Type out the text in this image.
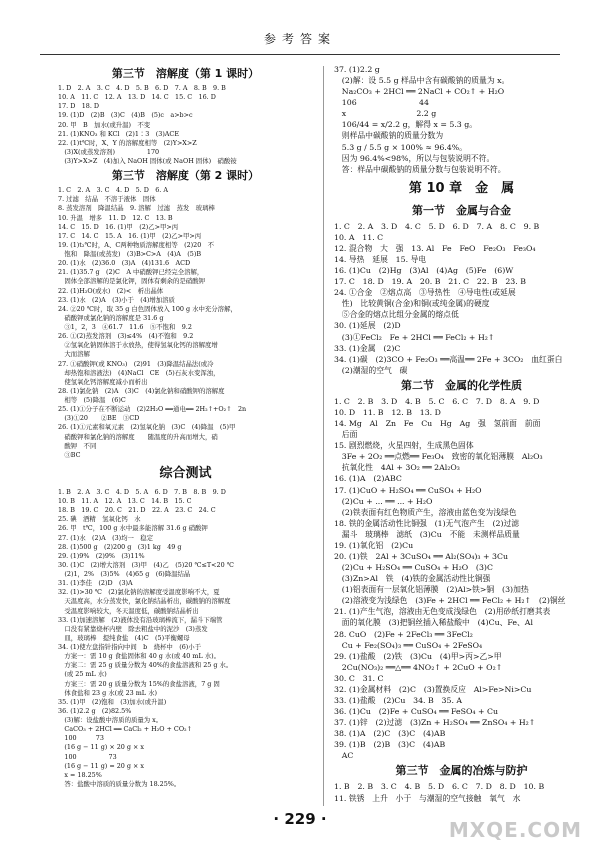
参考答案
第三节　溶解度（第 1 课时）
1. D　2. A　3. C　4. D　5. B　6. D　7. A　8. B　9. B
10. A　11. C　12. A　13. D　14. C　15. C　16. D
17. D　18. D
19. (1)D　(2)B　(3)C　(4)B　(5)c　a>b>c
20. 甲　B　加水(或升温)　不变
21. (1)KNO₃ 和 KCl　(2)1∶3　(3)ACE
22. (1)t℃时，X、Y 的溶解度相等　(2)Y>X>Z
　(3)X(或蒸发溶剂)　　　　　170
　(3)Y>X>Z　(4)加入 NaOH 固体(或 NaOH 固体)　硝酸铵
第三节　溶解度（第 2 课时）
1. C　2. A　3. C　4. D　5. D　6. A
7. 过滤　结晶　不溶于液体　固体
8. 蒸发溶剂　降温结晶　9. 溶解　过滤　蒸发　玻璃棒
10. 升温　增多　11. D　12. C　13. B
14. C　15. D　16. (1)甲　(2)乙>甲>丙
17. C　14. C　15. A　16. (1)甲　(2)乙>甲>丙
19. (1)t₂℃时，A、C两种物质溶解度相等　(2)20　不
　饱和　降温(或蒸发)　(3)B>C>A　(4)A　(5)B
20. (1)水　(2)36.0　(3)A　(4)131.6　ACD
21. (1)35.7 g　(2)C　A 中硝酸钾已经完全溶解，
　固体全部溶解的是氯化钾，固体有剩余的是硝酸钾
22. (1)H₂O(或水)　(2)<　析出晶体
23. (1)水　(2)A　(3)小于　(4)增加溶质
24. ②20 ℃时，取 35 g 白色固体放入 100 g 水中充分溶解，
　硝酸钾或氯化钠的溶解度是 31.6 g　　　　　　
　③1，2，3　④61.7　11.6　⑤不饱和　9.2
26. ①(2)蒸发溶剂　(3)≤4%　(4)不饱和　9.2
　②氢氧化钠固体溶于水放热，使得氢氧化钙的溶解度增
　大而溶解
27. ①硝酸钾(或 KNO₃)　(2)91　(3)降温结晶法(或冷
　却热饱和溶液法)　(4)NaCl　CE　(5)石灰水变浑浊，
　使氢氧化钙溶解度减小而析出
28. (1)氯化钠　(2)A　(3)C　(4)氯化钠和硝酸钾的溶解度
　相等　(5)降温　(6)C
25. (1)①分子在不断运动　(2)2H₂O ══通电══ 2H₂↑+O₂↑　2n
　(3)①20　　②BE　③CD
26. (1)①元素和氧元素　(2)氢氧化钠　(3)C　(4)降温　(5)甲
　硝酸钾和氯化钠的溶解度　　随温度的升高而增大，硝
　酸钾　不同
　③BC
综合测试
1. B　2. A　3. C　4. D　5. A　6. D　7. B　8. B　9. D
10. B　11. A　12. A　13. C　14. B　15. C
18. B　19. C　20. C　21. D　22. A　23. C　24. C
25. 碘　酒精　氢氧化钙　水
26. 甲　t℃，100 g 水中最多能溶解 31.6 g 硝酸钾
27. (1)水　(2)A　(3)均一　稳定
28. (1)500 g　(2)200 g　(3)1 kg　49 g
29. (1)9%　(2)9%　(3)11%
30. (1)C　(2)增大溶剂　(3)甲　(4)乙　(5)20 ℃≤T<20 ℃
　(2)1，2%　(3)5%　(4)65 g　(6)降温结晶
31. (1)李佳　(2)D　(3)A
32. (1)>30 ℃　(2)氯化钠的溶解度受温度影响不大，夏
　天温度高，水分蒸发快，氯化钠结晶析出，碳酸钠的溶解度
　受温度影响较大，冬天温度低，碳酸钠结晶析出
33. (1)加速溶解　(2)液体没有沿玻璃棒流下，漏斗下端管
　口没有紧靠烧杯内壁　除去粗盐中的泥沙　(3)蒸发
　皿，玻璃棒　提纯食盐　(4)C　(5)平衡螺母
34. (1)使左盘指针指向中间　b　烧杯中　(6)小于
　方案一：需 10 g 食盐固体和 40 g 水(或 40 mL 水)。
　方案二：需 25 g 质量分数为 40%的食盐溶液和 25 g 水。
　(或 25 mL 水)
　方案三：需 20 g 质量分数为 15%的食盐溶液，7 g 固
　体食盐和 23 g 水(或 23 mL 水)
35. (1)甲　(2)饱和　(3)加水(或升温)
36. (1)2.2 g　(2)82.5%
　(3)解：设盐酸中溶质的质量为 x。
　CaCO₃ + 2HCl ══ CaCl₂ + H₂O + CO₂↑
　100　　　73
　(16 g − 11 g) × 20 g × x
　100　　　　　73
　(16 g − 11 g) = 20 g × x
　x = 18.25%
　答：盐酸中溶质的质量分数为 18.25%。
37. (1)2.2 g
　(2)解：设 5.5 g 样品中含有碳酸钠的质量为 x。
　Na₂CO₃ + 2HCl ══ 2NaCl + CO₂↑ + H₂O
　106　　　　　　　　44
　x　　　　　　　　　2.2 g
　106/44 = x/2.2 g，解得 x = 5.3 g。
　则样品中碳酸钠的质量分数为
　5.3 g / 5.5 g × 100% ≈ 96.4%。
　因为 96.4%<98%，所以与包装说明不符。
　答：样品中碳酸钠的质量分数与包装说明不符。
第 10 章　金　属
第一节　金属与合金
1. C　2. A　3. D　4. C　5. D　6. D　7. A　8. C　9. B
10. A　11. C
12. 混合物　大　强　13. Al　Fe　FeO　Fe₂O₃　Fe₃O₄
14. 导热　延展　15. 导电
16. (1)Cu　(2)Hg　(3)Al　(4)Ag　(5)Fe　(6)W
17. C　18. D　19. A　20. B　21. C　22. B　23. B
24. ①合金　②熔点高　③导热性　④导电性(或延展
　性)　比较黄铜(合金)和铜(或纯金属)的硬度
　⑤合金的熔点比组分金属的熔点低
30. (1)延展　(2)D
　(3)①FeCl₂　Fe + 2HCl ══ FeCl₂ + H₂↑
33. (1)金属　(2)C
34. (1)碳　(2)3CO + Fe₂O₃ ══高温══ 2Fe + 3CO₂　血红蛋白
　(2)潮湿的空气　碳
第二节　金属的化学性质
1. C　2. B　3. D　4. B　5. C　6. C　7. D　8. A　9. D
10. D　11. B　12. B　13. D
14. Mg　Al　Zn　Fe　Cu　Hg　Ag　强　氢前面　前面
　后面
15. 剧烈燃烧，火星四射，生成黑色固体
　3Fe + 2O₂ ══点燃══ Fe₃O₄　致密的氧化铝薄膜　Al₂O₃
　抗氧化性　4Al + 3O₂ ══ 2Al₂O₃
16. (1)A　(2)ABC
17. (1)CuO + H₂SO₄ ══ CuSO₄ + H₂O
　(2)Cu + ... ══ ... + H₂O
　(2)铁表面有红色物质产生，溶液由蓝色变为浅绿色
18. 铁的金属活动性比铜强　(1)无气泡产生　(2)过滤
　漏斗　玻璃棒　滤纸　(3)Cu　不能　未测样品质量
19. (1)氧化铝　(2)Cu
20. (1)铁　2Al + 3CuSO₄ ══ Al₂(SO₄)₃ + 3Cu
　(2)Cu + H₂SO₄ ══ CuSO₄ + H₂O　(3)C
　(3)Zn>Al　铁　(4)铁的金属活动性比铜强
　(1)铝表面有一层氧化铝薄膜　(2)Al>铁>铜　(3)加热
　(2)溶液变为浅绿色　(3)Fe + 2HCl ══ FeCl₂ + H₂↑　(2)铜丝
21. (1)产生气泡，溶液由无色变成浅绿色　(2)用砂纸打磨其表
　面的氧化膜　(3)把铜丝插入稀盐酸中　(4)Cu、Fe、Al
28. CuO　(2)Fe + 2FeCl₃ ══ 3FeCl₂
　Cu + Fe₂(SO₄)₃ ══ CuSO₄ + 2FeSO₄
29. (1)盐酸　(2)铁　(3)Cu　(4)甲>丙>乙>甲
　2Cu(NO₃)₂ ══△══ 4NO₂↑ + 2CuO + O₂↑
30. C　31. C
32. (1)金属材料　(2)C　(3)置换反应　Al>Fe>Ni>Cu
33. (1)盐酸　(2)Cu　34. B　35. A
36. (1)Cu　(2)Fe + CuSO₄ ══ FeSO₄ + Cu
37. (1)锌　(2)过滤　(3)Zn + H₂SO₄ ══ ZnSO₄ + H₂↑
38. (1)A　(2)C　(3)C　(4)AB
39. (1)B　(2)B　(3)C　(4)AB
　AC
第三节　金属的冶炼与防护
1. B　2. B　3. C　4. B　5. D　6. C　7. D　8. D　10. B
11. 铁锈　上升　小于　与潮湿的空气接触　氧气　水
· 229 ·	MXQE.COM
